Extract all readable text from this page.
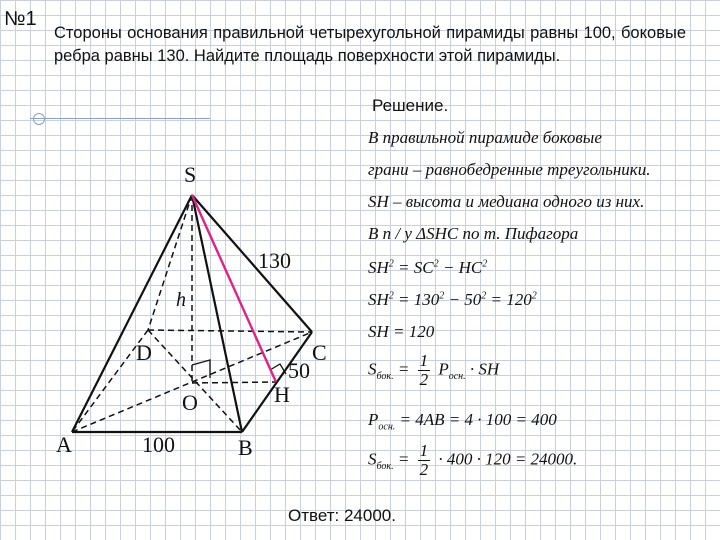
№1
Стороны основания правильной четырехугольной пирамиды равны 100, боковые ребра равны 130. Найдите площадь поверхности этой пирамиды.
S
h
D	C
O	H
A	B
130
50
100
Решение.
В правильной пирамиде боковые
грани – равнобедренные треугольники.
SH – высота и медиана одного из них.
В п / у ΔSHC по т. Пифагора
$SH^2 = SC^2 - HC^2$
$SH^2 = 130^2 - 50^2 = 120^2$
SH = 120
$S_{бок.} = \frac{1}{2} P_{осн.}$ · SH
$P_{осн.} = 4AB = 4 \cdot 100 = 400$
$S_{бок.} = \frac{1}{2} \cdot 400 \cdot 120 = 24000$.
Ответ: 24000.
